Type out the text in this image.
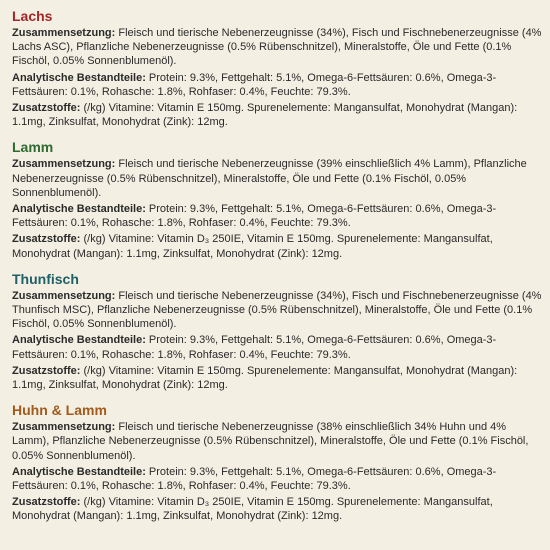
Lachs
Zusammensetzung: Fleisch und tierische Nebenerzeugnisse (34%), Fisch und Fischnebenerzeugnisse (4% Lachs ASC), Pflanzliche Nebenerzeugnisse (0.5% Rübenschnitzel), Mineralstoffe, Öle und Fette (0.1% Fischöl, 0.05% Sonnenblumenöl).
Analytische Bestandteile: Protein: 9.3%, Fettgehalt: 5.1%, Omega-6-Fettsäuren: 0.6%, Omega-3-Fettsäuren: 0.1%, Rohasche: 1.8%, Rohfaser: 0.4%, Feuchte: 79.3%.
Zusatzstoffe: (/kg) Vitamine: Vitamin E 150mg. Spurenelemente: Mangansulfat, Monohydrat (Mangan): 1.1mg, Zinksulfat, Monohydrat (Zink): 12mg.
Lamm
Zusammensetzung: Fleisch und tierische Nebenerzeugnisse (39% einschließlich 4% Lamm), Pflanzliche Nebenerzeugnisse (0.5% Rübenschnitzel), Mineralstoffe, Öle und Fette (0.1% Fischöl, 0.05% Sonnenblumenöl).
Analytische Bestandteile: Protein: 9.3%, Fettgehalt: 5.1%, Omega-6-Fettsäuren: 0.6%, Omega-3-Fettsäuren: 0.1%, Rohasche: 1.8%, Rohfaser: 0.4%, Feuchte: 79.3%.
Zusatzstoffe: (/kg) Vitamine: Vitamin D₃ 250IE, Vitamin E 150mg. Spurenelemente: Mangansulfat, Monohydrat (Mangan): 1.1mg, Zinksulfat, Monohydrat (Zink): 12mg.
Thunfisch
Zusammensetzung: Fleisch und tierische Nebenerzeugnisse (34%), Fisch und Fischnebenerzeugnisse (4% Thunfisch MSC), Pflanzliche Nebenerzeugnisse (0.5% Rübenschnitzel), Mineralstoffe, Öle und Fette (0.1% Fischöl, 0.05% Sonnenblumenöl).
Analytische Bestandteile: Protein: 9.3%, Fettgehalt: 5.1%, Omega-6-Fettsäuren: 0.6%, Omega-3-Fettsäuren: 0.1%, Rohasche: 1.8%, Rohfaser: 0.4%, Feuchte: 79.3%.
Zusatzstoffe: (/kg) Vitamine: Vitamin E 150mg. Spurenelemente: Mangansulfat, Monohydrat (Mangan): 1.1mg, Zinksulfat, Monohydrat (Zink): 12mg.
Huhn & Lamm
Zusammensetzung: Fleisch und tierische Nebenerzeugnisse (38% einschließlich 34% Huhn und 4% Lamm), Pflanzliche Nebenerzeugnisse (0.5% Rübenschnitzel), Mineralstoffe, Öle und Fette (0.1% Fischöl, 0.05% Sonnenblumenöl).
Analytische Bestandteile: Protein: 9.3%, Fettgehalt: 5.1%, Omega-6-Fettsäuren: 0.6%, Omega-3-Fettsäuren: 0.1%, Rohasche: 1.8%, Rohfaser: 0.4%, Feuchte: 79.3%.
Zusatzstoffe: (/kg) Vitamine: Vitamin D₃ 250IE, Vitamin E 150mg. Spurenelemente: Mangansulfat, Monohydrat (Mangan): 1.1mg, Zinksulfat, Monohydrat (Zink): 12mg.
